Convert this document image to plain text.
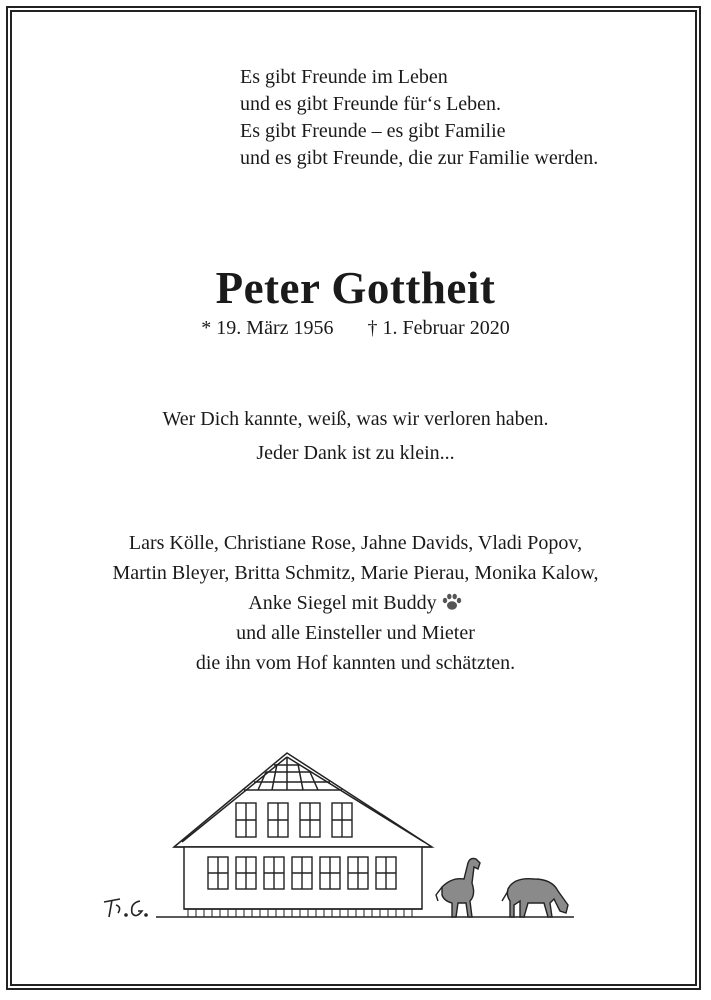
Es gibt Freunde im Leben
und es gibt Freunde für‘s Leben.
Es gibt Freunde – es gibt Familie
und es gibt Freunde, die zur Familie werden.
Peter Gottheit
* 19. März 1956 † 1. Februar 2020
Wer Dich kannte, weiß, was wir verloren haben.
Jeder Dank ist zu klein...
Lars Kölle, Christiane Rose, Jahne Davids, Vladi Popov,
Martin Bleyer, Britta Schmitz, Marie Pierau, Monika Kalow,
Anke Siegel mit Buddy
und alle Einsteller und Mieter
die ihn vom Hof kannten und schätzten.
